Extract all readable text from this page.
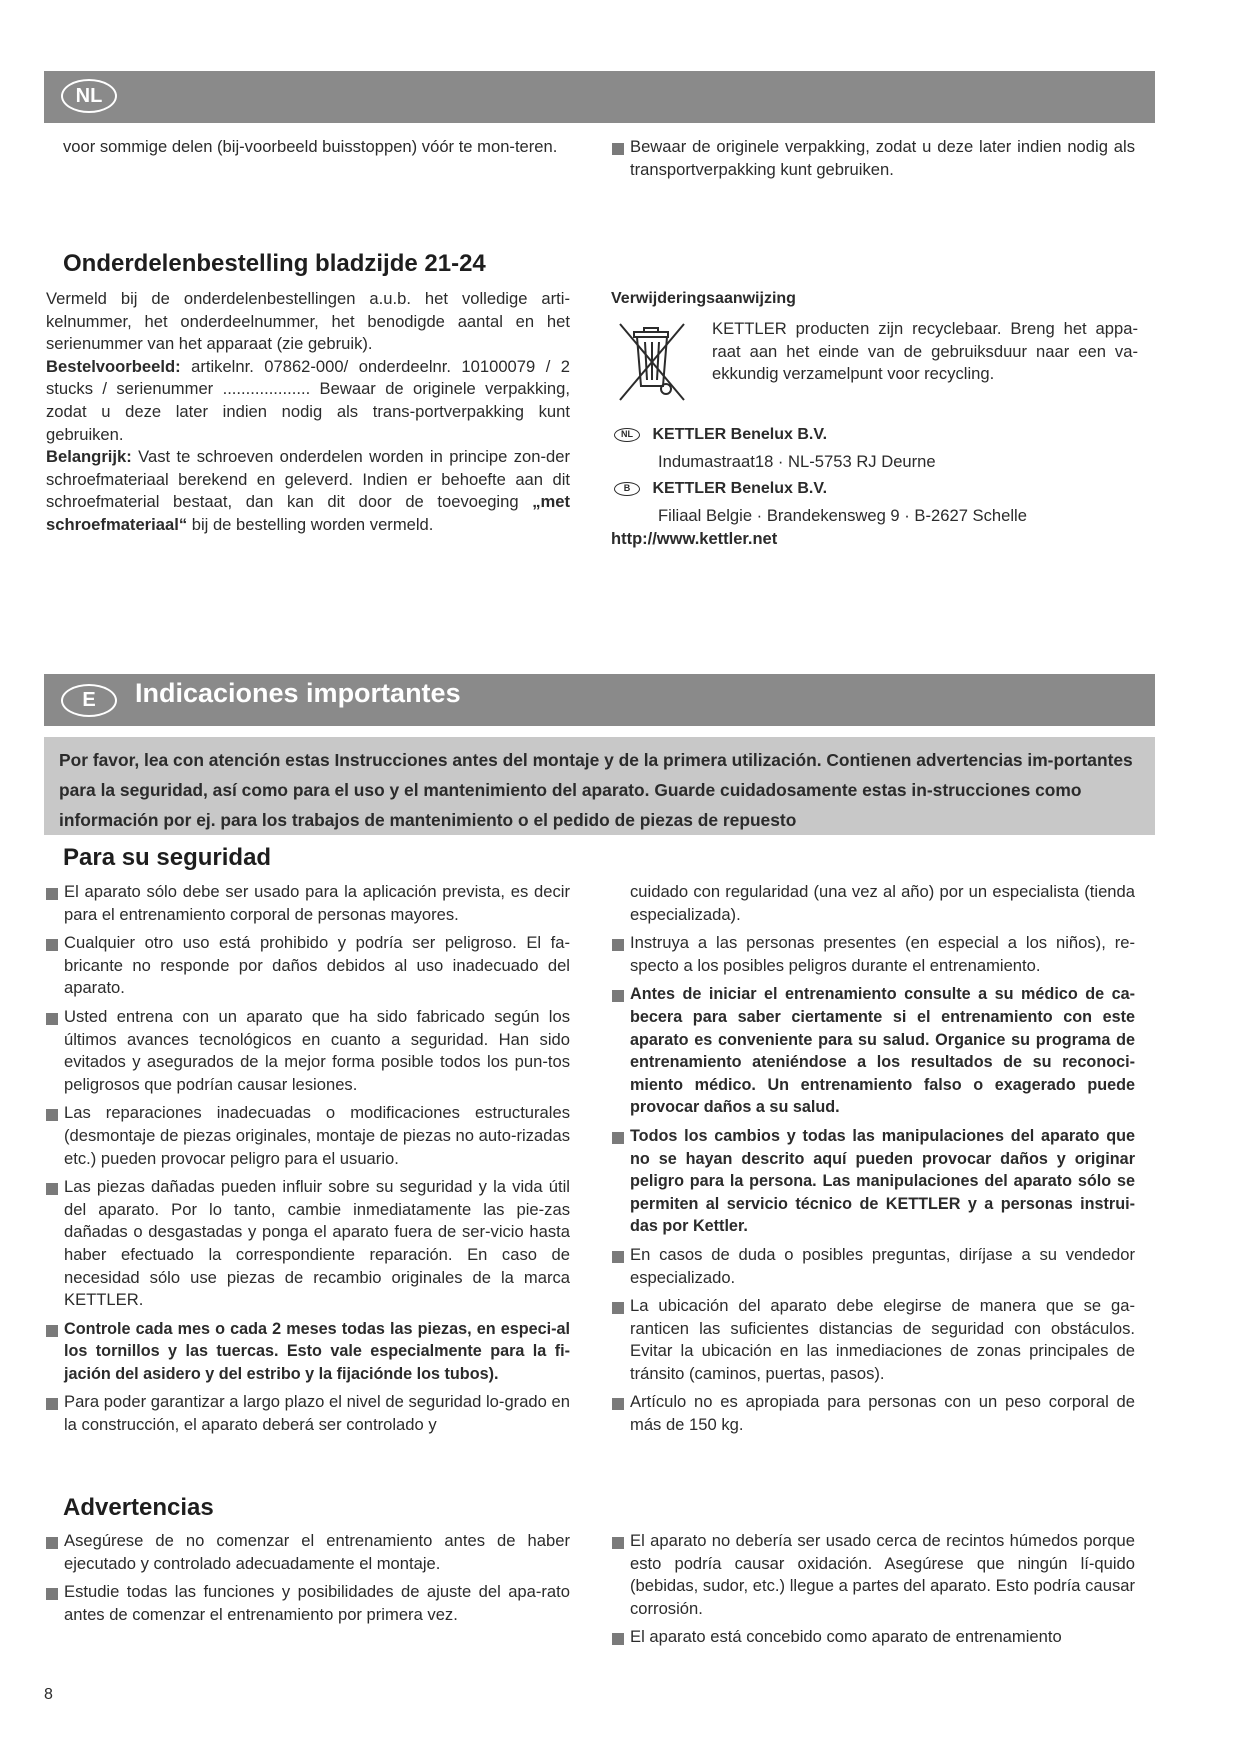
NL

voor sommige delen (bij-voorbeeld buisstoppen) vóór te mon-teren.	Bewaar de originele verpakking, zodat u deze later indien nodig als transportverpakking kunt gebruiken.
Onderdelenbestelling bladzijde 21-24

Vermeld bij de onderdelenbestellingen a.u.b. het volledige arti-kelnummer, het onderdeelnummer, het benodigde aantal en het serienummer van het apparaat (zie gebruik).

Bestelvoorbeeld: artikelnr. 07862-000/ onderdeelnr. 10100079 / 2 stucks / serienummer ................... Bewaar de originele verpakking, zodat u deze later indien nodig als trans-portverpakking kunt gebruiken.

Belangrijk: Vast te schroeven onderdelen worden in principe zon-der schroefmateriaal berekend en geleverd. Indien er behoefte aan dit schroefmaterial bestaat, dan kan dit door de toevoeging „met schroefmateriaal“ bij de bestelling worden vermeld.

Verwijderingsaanwijzing

KETTLER producten zijn recyclebaar. Breng het appa-raat aan het einde van de gebruiksduur naar een va-ekkundig verzamelpunt voor recycling.

NL KETTLER Benelux B.V.
Indumastraat18 · NL-5753 RJ Deurne
B KETTLER Benelux B.V.
Filiaal Belgie · Brandekensweg 9 · B-2627 Schelle
http://www.kettler.net
E	Indicaciones importantes

Por favor, lea con atención estas Instrucciones antes del montaje y de la primera utilización. Contienen advertencias im-portantes para la seguridad, así como para el uso y el mantenimiento del aparato. Guarde cuidadosamente estas in-strucciones como información por ej. para los trabajos de mantenimiento o el pedido de piezas de repuesto

Para su seguridad
El aparato sólo debe ser usado para la aplicación prevista, es decir para el entrenamiento corporal de personas mayores.
Cualquier otro uso está prohibido y podría ser peligroso. El fa-bricante no responde por daños debidos al uso inadecuado del aparato.
Usted entrena con un aparato que ha sido fabricado según los últimos avances tecnológicos en cuanto a seguridad. Han sido evitados y asegurados de la mejor forma posible todos los pun-tos peligrosos que podrían causar lesiones.
Las reparaciones inadecuadas o modificaciones estructurales (desmontaje de piezas originales, montaje de piezas no auto-rizadas etc.) pueden provocar peligro para el usuario.
Las piezas dañadas pueden influir sobre su seguridad y la vida útil del aparato. Por lo tanto, cambie inmediatamente las pie-zas dañadas o desgastadas y ponga el aparato fuera de ser-vicio hasta haber efectuado la correspondiente reparación. En caso de necesidad sólo use piezas de recambio originales de la marca KETTLER.
Controle cada mes o cada 2 meses todas las piezas, en especi-al los tornillos y las tuercas. Esto vale especialmente para la fi-jación del asidero y del estribo y la fijaciónde los tubos).
Para poder garantizar a largo plazo el nivel de seguridad lo-grado en la construcción, el aparato deberá ser controlado y

cuidado con regularidad (una vez al año) por un especialista (tienda especializada).

Instruya a las personas presentes (en especial a los niños), re-specto a los posibles peligros durante el entrenamiento.
Antes de iniciar el entrenamiento consulte a su médico de ca-becera para saber ciertamente si el entrenamiento con este aparato es conveniente para su salud. Organice su programa de entrenamiento ateniéndose a los resultados de su reconoci-miento médico. Un entrenamiento falso o exagerado puede provocar daños a su salud.
Todos los cambios y todas las manipulaciones del aparato que no se hayan descrito aquí pueden provocar daños y originar peligro para la persona. Las manipulaciones del aparato sólo se permiten al servicio técnico de KETTLER y a personas instrui-das por Kettler.
En casos de duda o posibles preguntas, diríjase a su vendedor especializado.
La ubicación del aparato debe elegirse de manera que se ga-ranticen las suficientes distancias de seguridad con obstáculos. Evitar la ubicación en las inmediaciones de zonas principales de tránsito (caminos, puertas, pasos).
Artículo no es apropiada para personas con un peso corporal de más de 150 kg.
Advertencias
Asegúrese de no comenzar el entrenamiento antes de haber ejecutado y controlado adecuadamente el montaje.
Estudie todas las funciones y posibilidades de ajuste del apa-rato antes de comenzar el entrenamiento por primera vez.
El aparato no debería ser usado cerca de recintos húmedos porque esto podría causar oxidación. Asegúrese que ningún lí-quido (bebidas, sudor, etc.) llegue a partes del aparato. Esto podría causar corrosión.
El aparato está concebido como aparato de entrenamiento
8
